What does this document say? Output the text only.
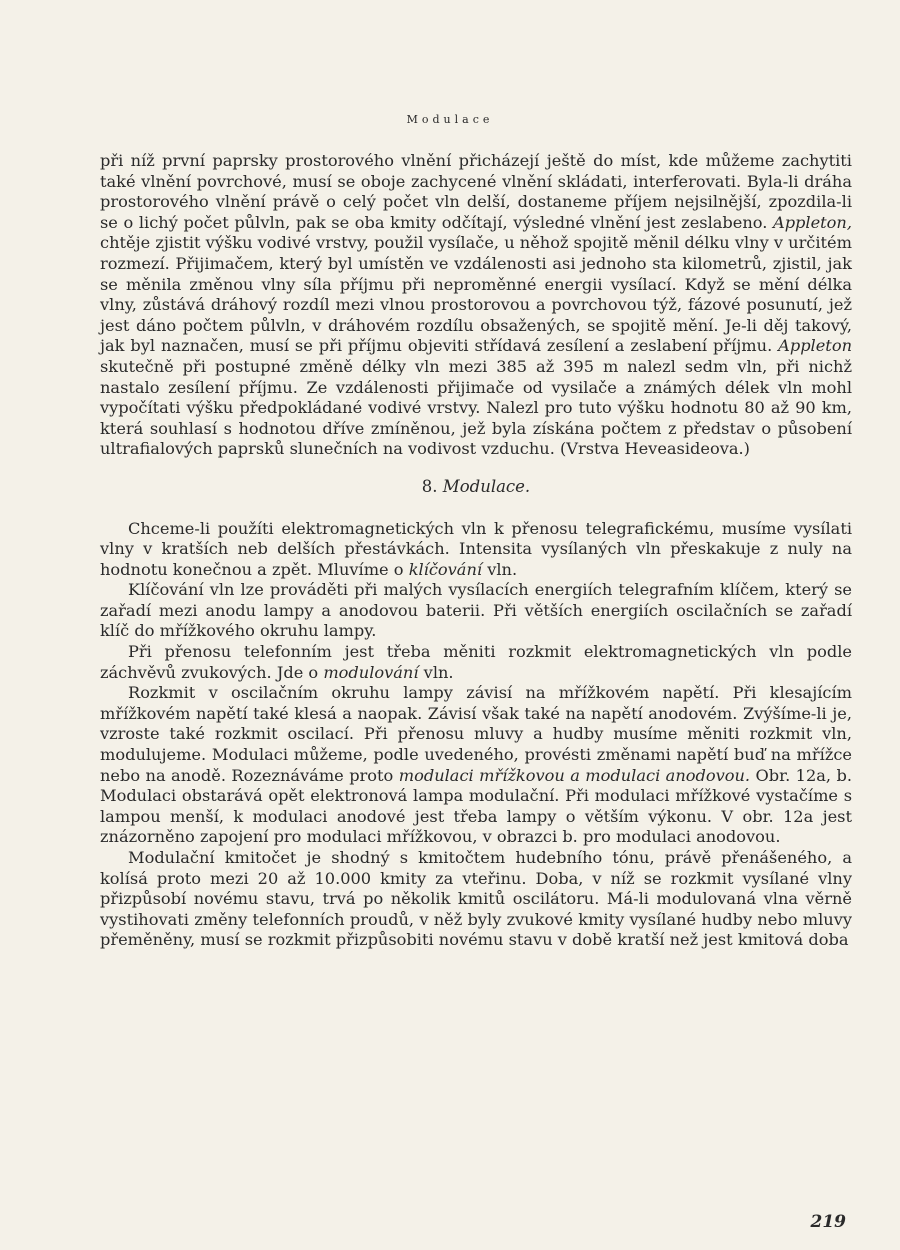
Modulace

při níž první paprsky prostorového vlnění přicházejí ještě do míst, kde můžeme zachytiti také vlnění povrchové, musí se oboje zachycené vlnění skládati, interferovati. Byla-li dráha prostorového vlnění právě o celý počet vln delší, dostaneme příjem nejsilnější, zpozdila-li se o lichý počet půlvln, pak se oba kmity odčítají, výsledné vlnění jest zeslabeno. Appleton, chtěje zjistit výšku vodivé vrstvy, použil vysílače, u něhož spojitě měnil délku vlny v určitém rozmezí. Přijimačem, který byl umístěn ve vzdálenosti asi jednoho sta kilometrů, zjistil, jak se měnila změnou vlny síla příjmu při neproměnné energii vysílací. Když se mění délka vlny, zůstává dráhový rozdíl mezi vlnou prostorovou a povrchovou týž, fázové posunutí, jež jest dáno počtem půlvln, v dráhovém rozdílu obsažených, se spojitě mění. Je-li děj takový, jak byl naznačen, musí se při příjmu objeviti střídavá zesílení a zeslabení příjmu. Appleton skutečně při postupné změně délky vln mezi 385 až 395 m nalezl sedm vln, při nichž nastalo zesílení příjmu. Ze vzdálenosti přijimače od vysilače a známých délek vln mohl vypočítati výšku předpokládané vodivé vrstvy. Nalezl pro tuto výšku hodnotu 80 až 90 km, která souhlasí s hodnotou dříve zmíněnou, jež byla získána počtem z představ o působení ultrafialových paprsků slunečních na vodivost vzduchu. (Vrstva Heveasideova.)

8. Modulace.

Chceme-li použíti elektromagnetických vln k přenosu telegrafickému, musíme vysílati vlny v kratších neb delších přestávkách. Intensita vysílaných vln přeskakuje z nuly na hodnotu konečnou a zpět. Mluvíme o klíčování vln.

Klíčování vln lze prováděti při malých vysílacích energiích telegrafním klíčem, který se zařadí mezi anodu lampy a anodovou baterii. Při větších energiích oscilačních se zařadí klíč do mřížkového okruhu lampy.

Při přenosu telefonním jest třeba měniti rozkmit elektromagnetických vln podle záchvěvů zvukových. Jde o modulování vln.

Rozkmit v oscilačním okruhu lampy závisí na mřížkovém napětí. Při klesajícím mřížkovém napětí také klesá a naopak. Závisí však také na napětí anodovém. Zvýšíme-li je, vzroste také rozkmit oscilací. Při přenosu mluvy a hudby musíme měniti rozkmit vln, modulujeme. Modulaci můžeme, podle uvedeného, provésti změnami napětí buď na mřížce nebo na anodě. Rozeznáváme proto modulaci mřížkovou a modulaci anodovou. Obr. 12a, b. Modulaci obstarává opět elektronová lampa modulační. Při modulaci mřížkové vystačíme s lampou menší, k modulaci anodové jest třeba lampy o větším výkonu. V obr. 12a jest znázorněno zapojení pro modulaci mřížkovou, v obrazci b. pro modulaci anodovou.

Modulační kmitočet je shodný s kmitočtem hudebního tónu, právě přenášeného, a kolísá proto mezi 20 až 10.000 kmity za vteřinu. Doba, v níž se rozkmit vysílané vlny přizpůsobí novému stavu, trvá po několik kmitů oscilátoru. Má-li modulovaná vlna věrně vystihovati změny telefonních proudů, v něž byly zvukové kmity vysílané hudby nebo mluvy přeměněny, musí se rozkmit přizpůsobiti novému stavu v době kratší než jest kmitová doba

219
